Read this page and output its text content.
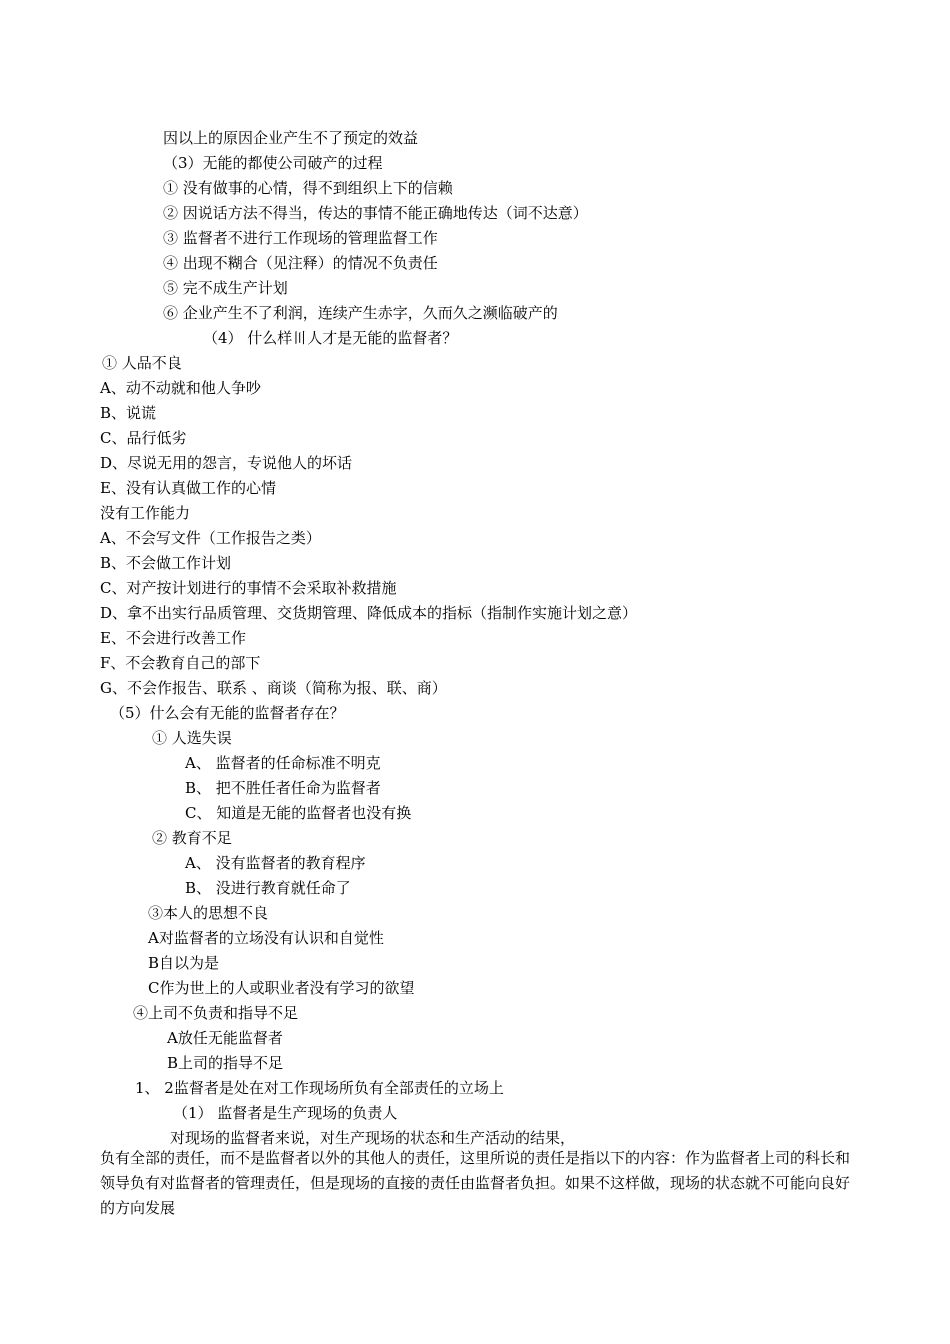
因以上的原因企业产生不了预定的效益
（3）无能的都使公司破产的过程
① 没有做事的心情，得不到组织上下的信赖
② 因说话方法不得当，传达的事情不能正确地传达（词不达意）
③ 监督者不进行工作现场的管理监督工作
④ 出现不糊合（见注释）的情况不负责任
⑤ 完不成生产计划
⑥ 企业产生不了利润，连续产生赤字，久而久之濒临破产的
（4） 什么样〣人才是无能的监督者？
① 人品不良
A、动不动就和他人争吵
B、说谎
C、品行低劣
D、尽说无用的怨言，专说他人的坏话
E、没有认真做工作的心情
没有工作能力
A、不会写文件（工作报告之类）
B、不会做工作计划
C、对产按计划进行的事情不会采取补救措施
D、拿不出实行品质管理、交货期管理、降低成本的指标（指制作实施计划之意）
E、不会进行改善工作
F、不会教育自己的部下
G、不会作报告、联系 、商谈（简称为报、联、商）
（5）什么会有无能的监督者存在？
① 人选失误
A、 监督者的任命标准不明克
B、 把不胜任者任命为监督者
C、 知道是无能的监督者也没有换
② 教育不足
A、 没有监督者的教育程序
B、 没进行教育就任命了
③本人的思想不良
A对监督者的立场没有认识和自觉性
B自以为是
C作为世上的人或职业者没有学习的欲望
④上司不负责和指导不足
A放任无能监督者
B上司的指导不足
1、 2监督者是处在对工作现场所负有全部责任的立场上
（1） 监督者是生产现场的负责人
对现场的监督者来说，对生产现场的状态和生产活动的结果，
负有全部的责任，而不是监督者以外的其他人的责任，这里所说的责任是指以下的内容：作为监督者上司的科长和领导负有对监督者的管理责任，但是现场的直接的责任由监督者负担。如果不这样做，现场的状态就不可能向良好的方向发展
